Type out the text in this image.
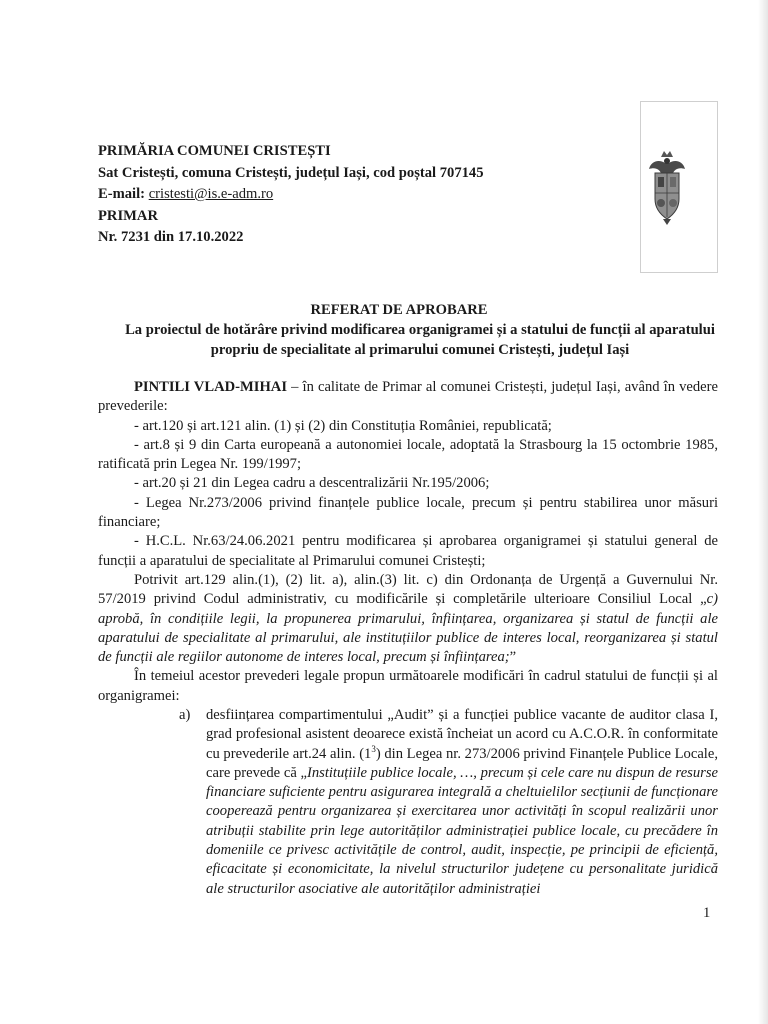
PRIMĂRIA COMUNEI CRISTEȘTI
Sat Cristești, comuna Cristești, județul Iași, cod poștal 707145
E-mail: cristesti@is.e-adm.ro
PRIMAR
Nr. 7231 din 17.10.2022
REFERAT DE APROBARE
La proiectul de hotărâre privind modificarea organigramei și a statului de funcții al aparatului propriu de specialitate al primarului comunei Cristești, județul Iași

PINTILI VLAD-MIHAI – în calitate de Primar al comunei Cristești, județul Iași, având în vedere prevederile:

- art.120 și art.121 alin. (1) și (2) din Constituția României, republicată;

- art.8 și 9 din Carta europeană a autonomiei locale, adoptată la Strasbourg la 15 octombrie 1985, ratificată prin Legea Nr. 199/1997;

- art.20 și 21 din Legea cadru a descentralizării Nr.195/2006;

- Legea Nr.273/2006 privind finanțele publice locale, precum și pentru stabilirea unor măsuri financiare;

- H.C.L. Nr.63/24.06.2021 pentru modificarea și aprobarea organigramei și statului general de funcții a aparatului de specialitate al Primarului comunei Cristești;

Potrivit art.129 alin.(1), (2) lit. a), alin.(3) lit. c) din Ordonanța de Urgență a Guvernului Nr. 57/2019 privind Codul administrativ, cu modificările și completările ulterioare Consiliul Local „c) aprobă, în condițiile legii, la propunerea primarului, înființarea, organizarea și statul de funcții ale aparatului de specialitate al primarului, ale instituțiilor publice de interes local, reorganizarea și statul de funcții ale regiilor autonome de interes local, precum și înființarea;”

În temeiul acestor prevederi legale propun următoarele modificări în cadrul statului de funcții și al organigramei:

a) desființarea compartimentului „Audit” și a funcției publice vacante de auditor clasa I, grad profesional asistent deoarece există încheiat un acord cu A.C.O.R. în conformitate cu prevederile art.24 alin. $(1^3)$ din Legea nr. 273/2006 privind Finanțele Publice Locale, care prevede că „Instituțiile publice locale, …, precum și cele care nu dispun de resurse financiare suficiente pentru asigurarea integrală a cheltuielilor secțiunii de funcționare cooperează pentru organizarea și exercitarea unor activități în scopul realizării unor atribuții stabilite prin lege autorităților administrației publice locale, cu precădere în domeniile ce privesc activitățile de control, audit, inspecție, pe principii de eficiență, eficacitate și economicitate, la nivelul structurilor județene cu personalitate juridică ale structurilor asociative ale autorităților administrației
1
